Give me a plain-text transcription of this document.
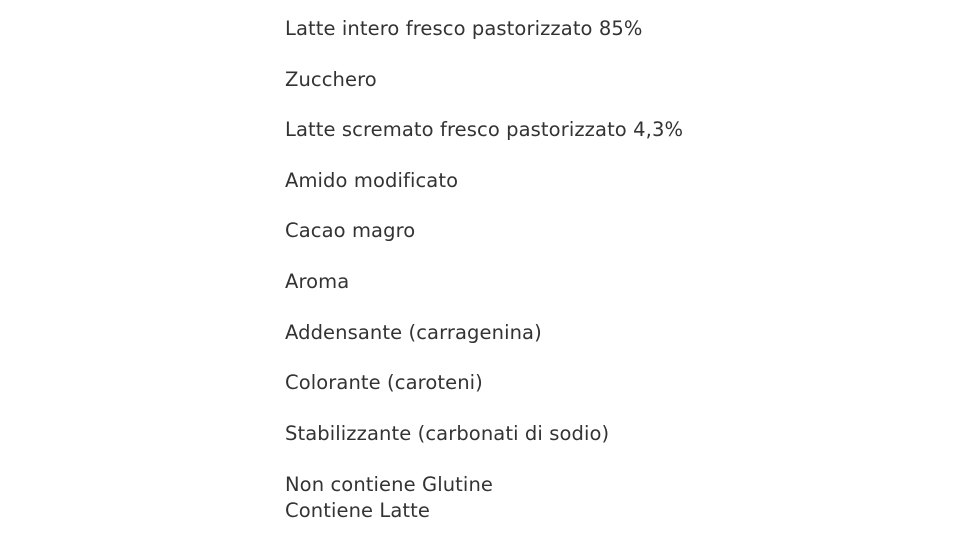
Latte intero fresco pastorizzato 85%
Zucchero
Latte scremato fresco pastorizzato 4,3%
Amido modificato
Cacao magro
Aroma
Addensante (carragenina)
Colorante (caroteni)
Stabilizzante (carbonati di sodio)
Non contiene Glutine
Contiene Latte
